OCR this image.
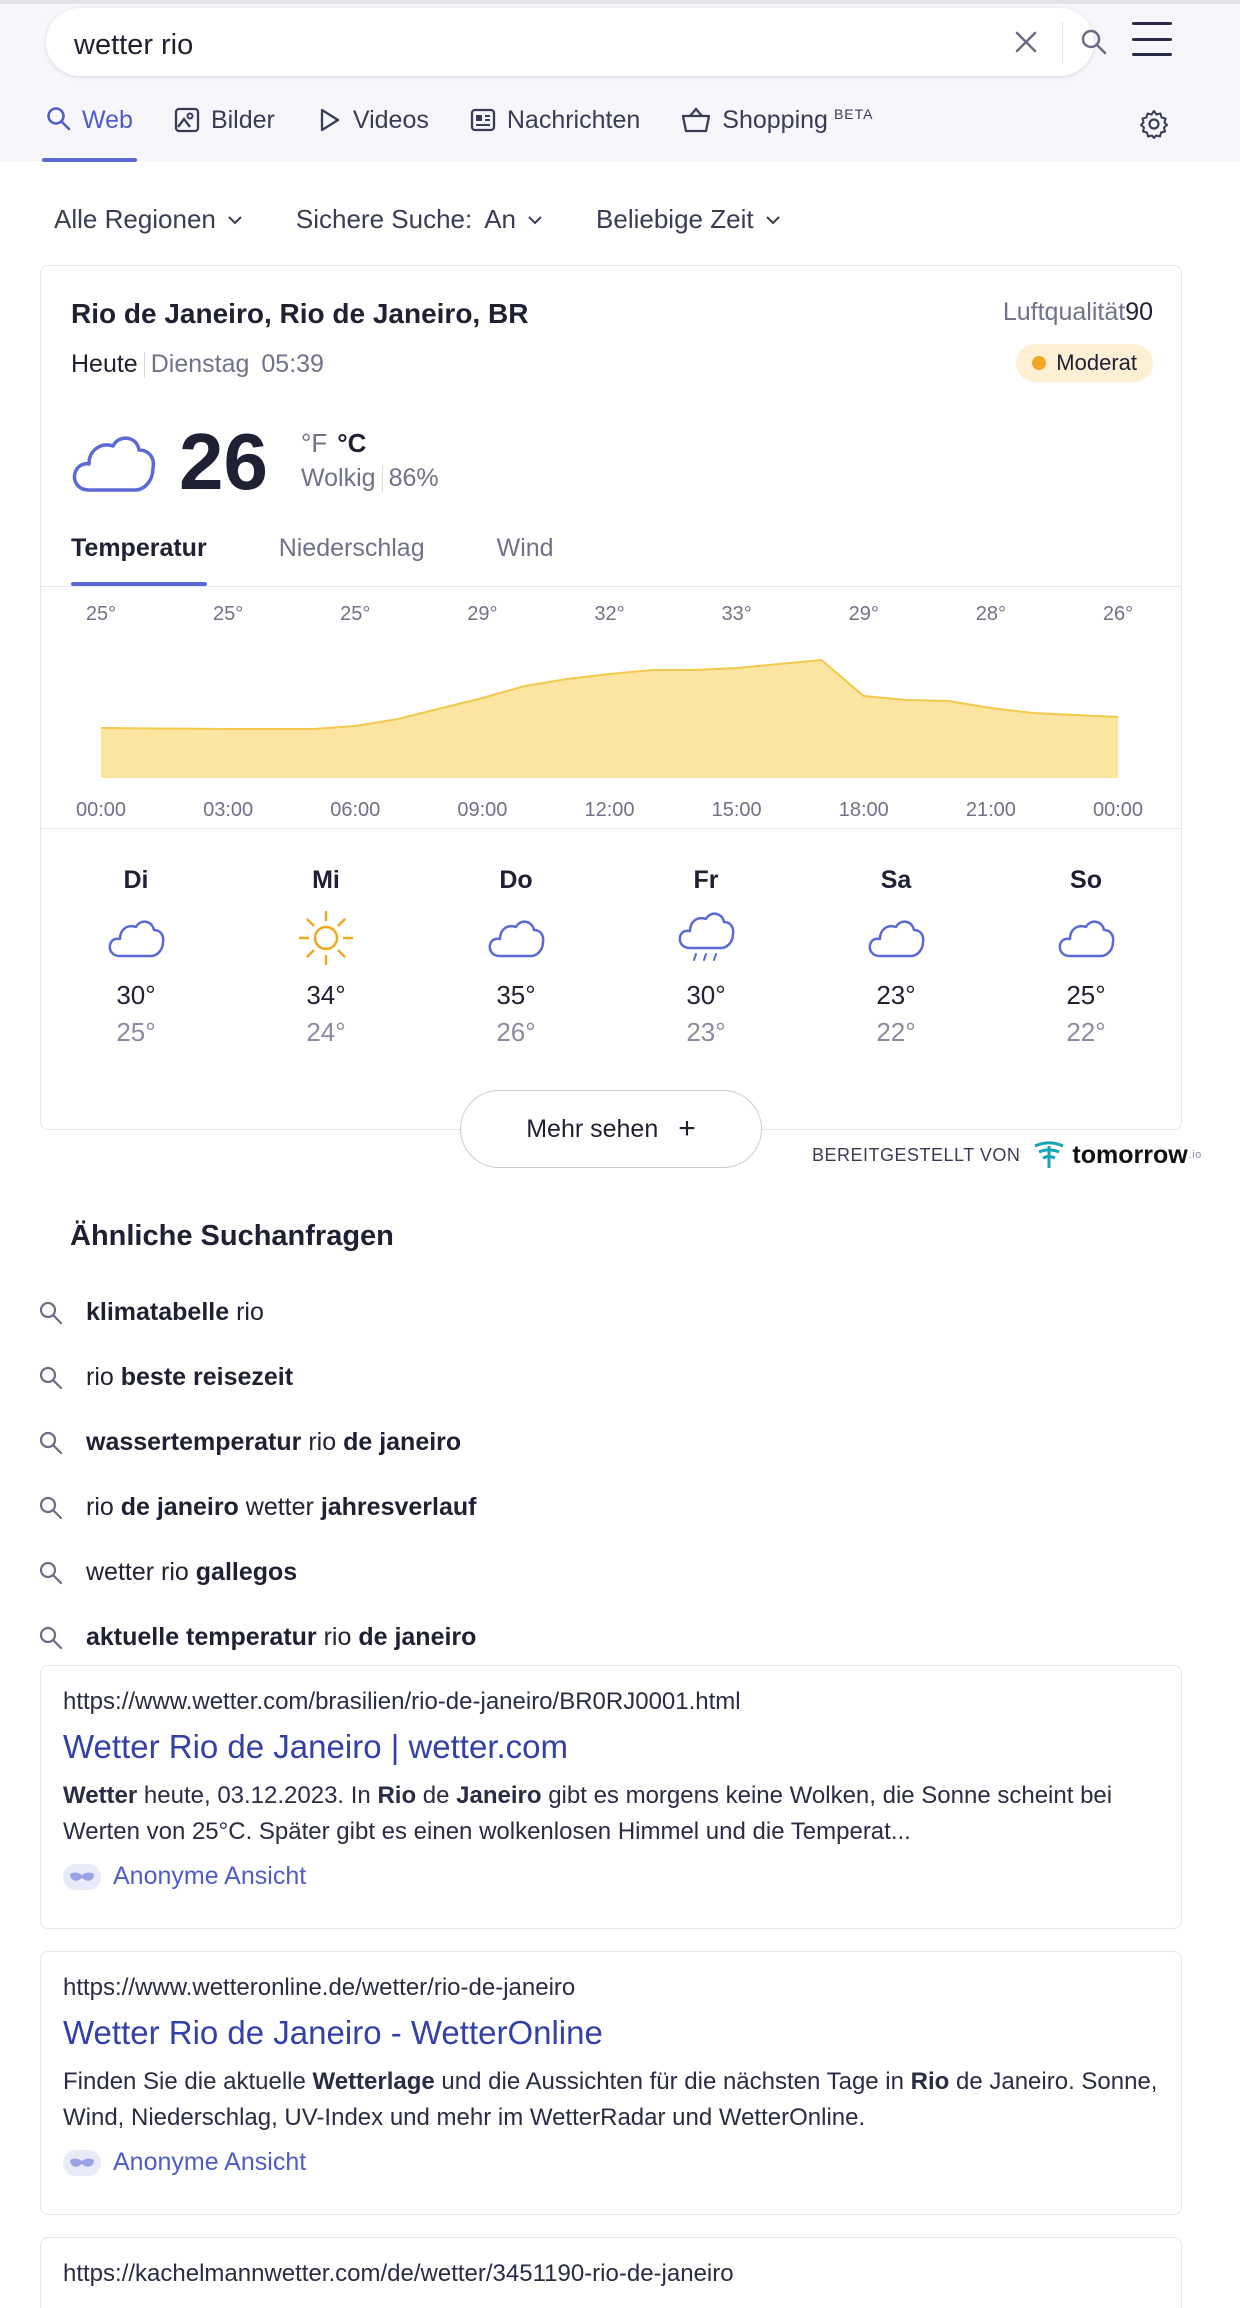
wetter rio
Web	Bilder	Videos	Nachrichten	Shopping $^{BETA}$
Alle Regionen	Sichere Suche: An	Beliebige Zeit
Rio de Janeiro, Rio de Janeiro, BR
Heute Dienstag 05:39
Luftqualität90
Moderat
26 °F °C
Wolkig 86%
Temperatur	Niederschlag	Wind
25°
00:00
25°
03:00
25°
06:00
29°
09:00
32°
12:00
33°
15:00
29°
18:00
28°
21:00
26°
00:00
Di
30°
25°
Mi
34°
24°
Do
35°
26°
Fr
30°
23°
Sa
23°
22°
So
25°
22°
Mehr sehen +
BEREITGESTELLT VON tomorrow .io
Ähnliche Suchanfragen
klimatabelle rio
rio beste reisezeit
wassertemperatur rio de janeiro
rio de janeiro wetter jahresverlauf
wetter rio gallegos
aktuelle temperatur rio de janeiro
https://www.wetter.com/brasilien/rio-de-janeiro/BR0RJ0001.html
Wetter Rio de Janeiro | wetter.com
Wetter heute, 03.12.2023. In Rio de Janeiro gibt es morgens keine Wolken, die Sonne scheint bei Werten von 25°C. Später gibt es einen wolkenlosen Himmel und die Temperat...
Anonyme Ansicht
https://www.wetteronline.de/wetter/rio-de-janeiro
Wetter Rio de Janeiro - WetterOnline
Finden Sie die aktuelle Wetterlage und die Aussichten für die nächsten Tage in Rio de Janeiro. Sonne, Wind, Niederschlag, UV-Index und mehr im WetterRadar und WetterOnline.
Anonyme Ansicht
https://kachelmannwetter.com/de/wetter/3451190-rio-de-janeiro
